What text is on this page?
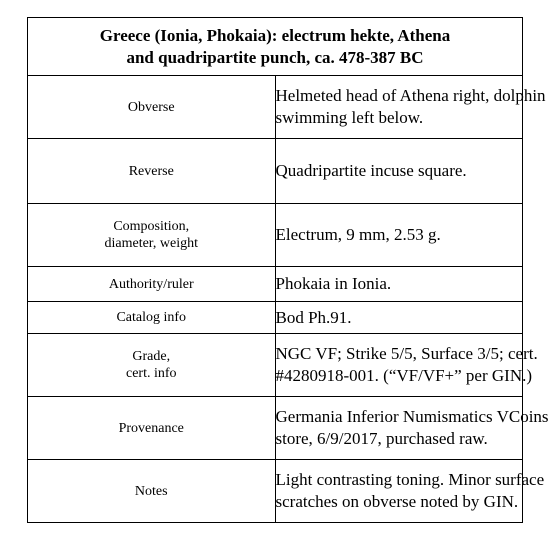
Greece (Ionia, Phokaia): electrum hekte, Athena
and quadripartite punch, ca. 478-387 BC	

Obverse	Helmeted head of Athena right, dolphin
swimming left below.

Reverse	Quadripartite incuse square.

Composition,
diameter, weight	Electrum, 9 mm, 2.53 g.

Authority/ruler	Phokaia in Ionia.

Catalog info	Bod Ph.91.

Grade,
cert. info	NGC VF; Strike 5/5, Surface 3/5; cert.
#4280918-001. (“VF/VF+” per GIN.)

Provenance	Germania Inferior Numismatics VCoins
store, 6/9/2017, purchased raw.

Notes	Light contrasting toning. Minor surface
scratches on obverse noted by GIN.
